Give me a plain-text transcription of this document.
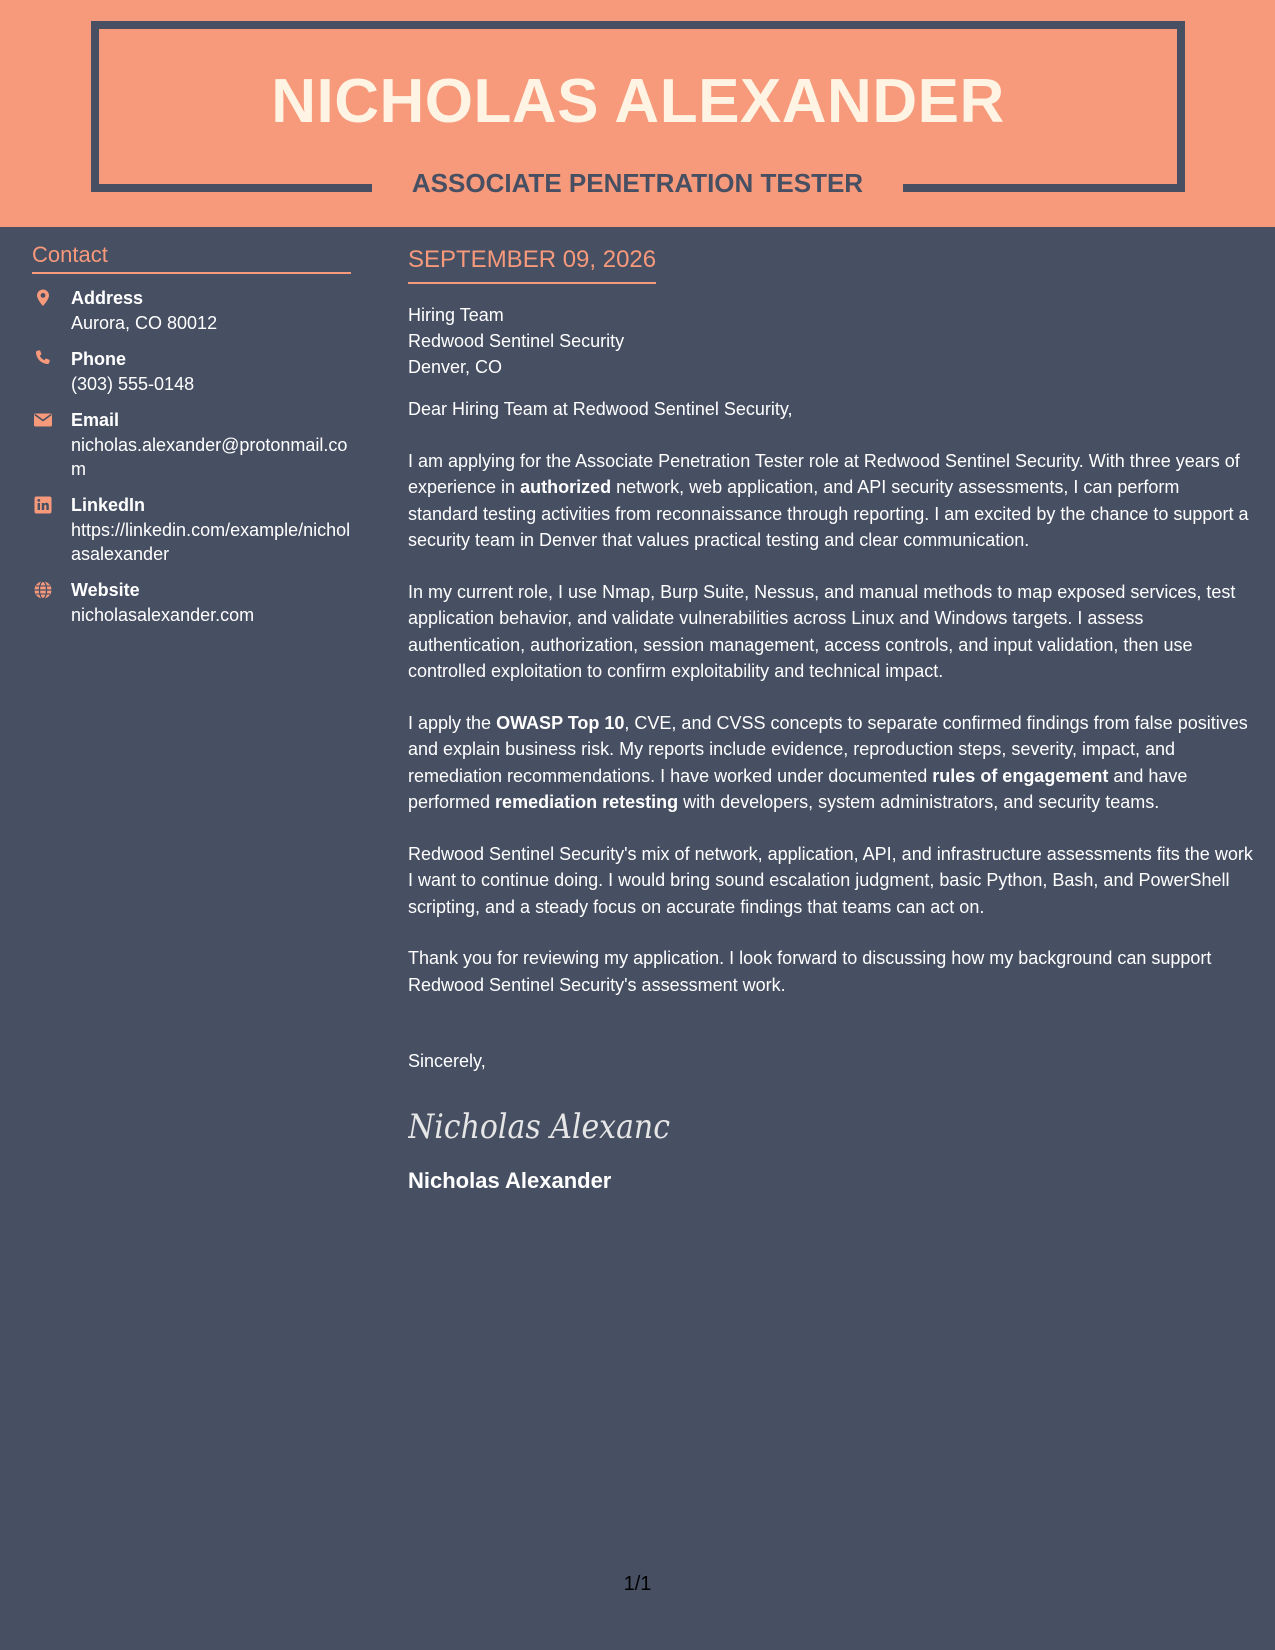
NICHOLAS ALEXANDER
ASSOCIATE PENETRATION TESTER
Contact
Address
Aurora, CO 80012
Phone
(303) 555-0148
Email
nicholas.alexander@protonmail.com
LinkedIn
https://linkedin.com/example/nicholasalexander
Website
nicholasalexander.com
SEPTEMBER 09, 2026
Hiring Team
Redwood Sentinel Security
Denver, CO

Dear Hiring Team at Redwood Sentinel Security,

I am applying for the Associate Penetration Tester role at Redwood Sentinel Security. With three years of experience in authorized network, web application, and API security assessments, I can perform standard testing activities from reconnaissance through reporting. I am excited by the chance to support a security team in Denver that values practical testing and clear communication.

In my current role, I use Nmap, Burp Suite, Nessus, and manual methods to map exposed services, test application behavior, and validate vulnerabilities across Linux and Windows targets. I assess authentication, authorization, session management, access controls, and input validation, then use controlled exploitation to confirm exploitability and technical impact.

I apply the OWASP Top 10, CVE, and CVSS concepts to separate confirmed findings from false positives and explain business risk. My reports include evidence, reproduction steps, severity, impact, and remediation recommendations. I have worked under documented rules of engagement and have performed remediation retesting with developers, system administrators, and security teams.

Redwood Sentinel Security's mix of network, application, API, and infrastructure assessments fits the work I want to continue doing. I would bring sound escalation judgment, basic Python, Bash, and PowerShell scripting, and a steady focus on accurate findings that teams can act on.

Thank you for reviewing my application. I look forward to discussing how my background can support Redwood Sentinel Security's assessment work.

Sincerely,
Nicholas Alexanc
Nicholas Alexander
1/1
